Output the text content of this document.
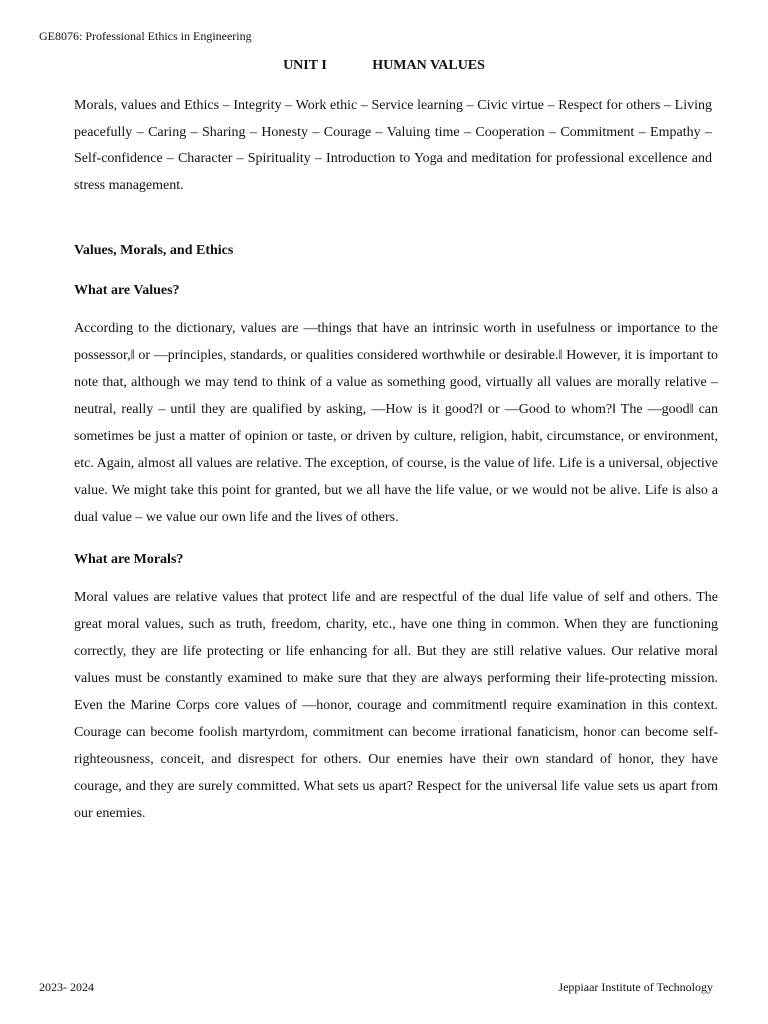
GE8076: Professional Ethics in Engineering
UNIT I	HUMAN VALUES

Morals, values and Ethics – Integrity – Work ethic – Service learning – Civic virtue – Respect for others – Living peacefully – Caring – Sharing – Honesty – Courage – Valuing time – Cooperation – Commitment – Empathy – Self-confidence – Character – Spirituality – Introduction to Yoga and meditation for professional excellence and stress management.

Values, Morals, and Ethics
What are Values?

According to the dictionary, values are ―things that have an intrinsic worth in usefulness or importance to the possessor,‖ or ―principles, standards, or qualities considered worthwhile or desirable.‖ However, it is important to note that, although we may tend to think of a value as something good, virtually all values are morally relative – neutral, really – until they are qualified by asking, ―How is it good?‖ or ―Good to whom?‖ The ―good‖ can sometimes be just a matter of opinion or taste, or driven by culture, religion, habit, circumstance, or environment, etc. Again, almost all values are relative. The exception, of course, is the value of life. Life is a universal, objective value. We might take this point for granted, but we all have the life value, or we would not be alive. Life is also a dual value – we value our own life and the lives of others.

What are Morals?

Moral values are relative values that protect life and are respectful of the dual life value of self and others. The great moral values, such as truth, freedom, charity, etc., have one thing in common. When they are functioning correctly, they are life protecting or life enhancing for all. But they are still relative values. Our relative moral values must be constantly examined to make sure that they are always performing their life-protecting mission. Even the Marine Corps core values of ―honor, courage and commitment‖ require examination in this context. Courage can become foolish martyrdom, commitment can become irrational fanaticism, honor can become self-righteousness, conceit, and disrespect for others. Our enemies have their own standard of honor, they have courage, and they are surely committed. What sets us apart? Respect for the universal life value sets us apart from our enemies.

2023- 2024	Jeppiaar Institute of Technology
